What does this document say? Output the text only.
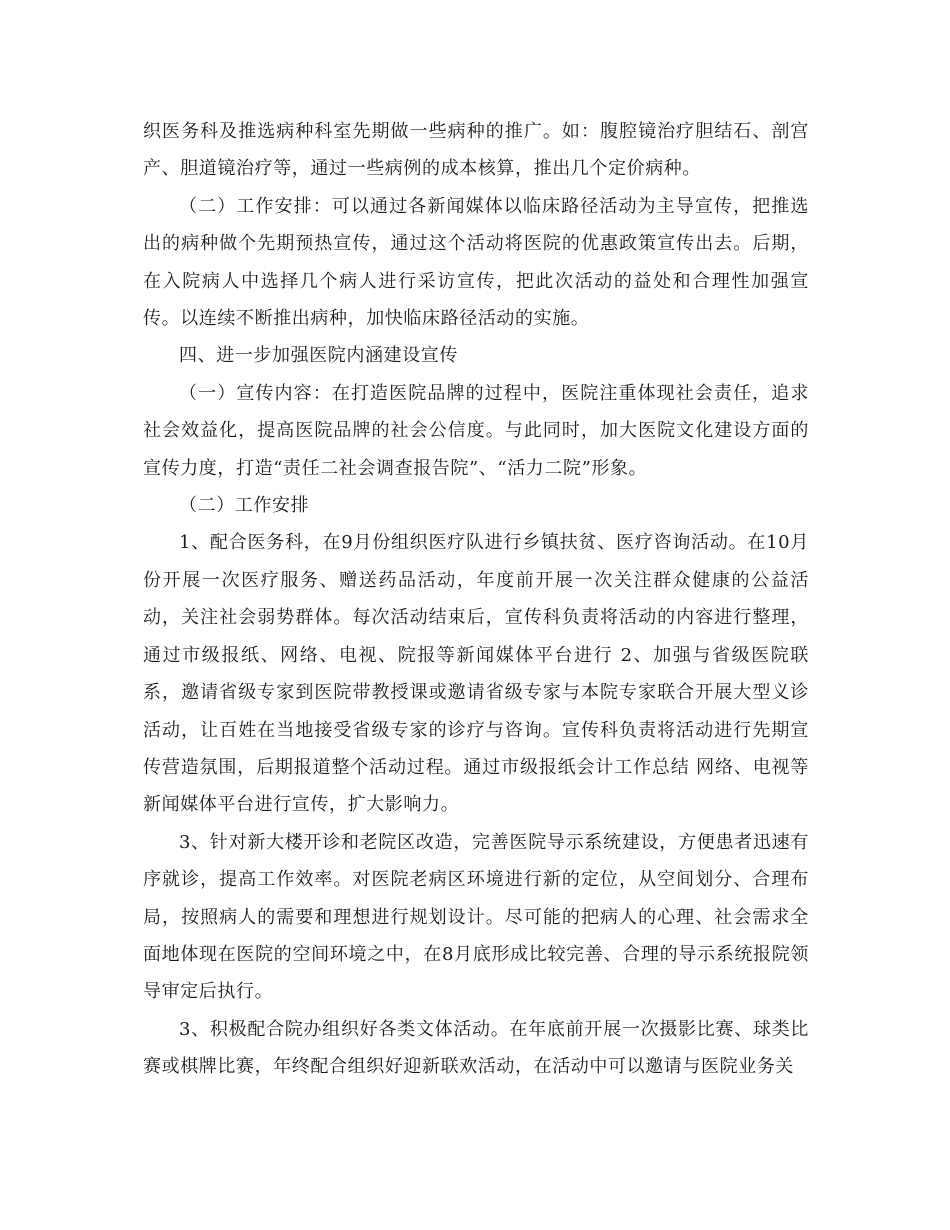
织医务科及推选病种科室先期做一些病种的推广。如：腹腔镜治疗胆结石、剖宫产、胆道镜治疗等，通过一些病例的成本核算，推出几个定价病种。

（二）工作安排：可以通过各新闻媒体以临床路径活动为主导宣传，把推选出的病种做个先期预热宣传，通过这个活动将医院的优惠政策宣传出去。后期，在入院病人中选择几个病人进行采访宣传，把此次活动的益处和合理性加强宣传。以连续不断推出病种，加快临床路径活动的实施。

四、进一步加强医院内涵建设宣传

（一）宣传内容：在打造医院品牌的过程中，医院注重体现社会责任，追求社会效益化，提高医院品牌的社会公信度。与此同时，加大医院文化建设方面的宣传力度，打造“责任二社会调查报告院”、“活力二院”形象。

（二）工作安排

1、配合医务科，在9月份组织医疗队进行乡镇扶贫、医疗咨询活动。在10月份开展一次医疗服务、赠送药品活动，年度前开展一次关注群众健康的公益活动，关注社会弱势群体。每次活动结束后，宣传科负责将活动的内容进行整理，通过市级报纸、网络、电视、院报等新闻媒体平台进行 2、加强与省级医院联系，邀请省级专家到医院带教授课或邀请省级专家与本院专家联合开展大型义诊活动，让百姓在当地接受省级专家的诊疗与咨询。宣传科负责将活动进行先期宣传营造氛围，后期报道整个活动过程。通过市级报纸会计工作总结 网络、电视等新闻媒体平台进行宣传，扩大影响力。

3、针对新大楼开诊和老院区改造，完善医院导示系统建设，方便患者迅速有序就诊，提高工作效率。对医院老病区环境进行新的定位，从空间划分、合理布局，按照病人的需要和理想进行规划设计。尽可能的把病人的心理、社会需求全面地体现在医院的空间环境之中，在8月底形成比较完善、合理的导示系统报院领导审定后执行。

3、积极配合院办组织好各类文体活动。在年底前开展一次摄影比赛、球类比赛或棋牌比赛，年终配合组织好迎新联欢活动，在活动中可以邀请与医院业务关
